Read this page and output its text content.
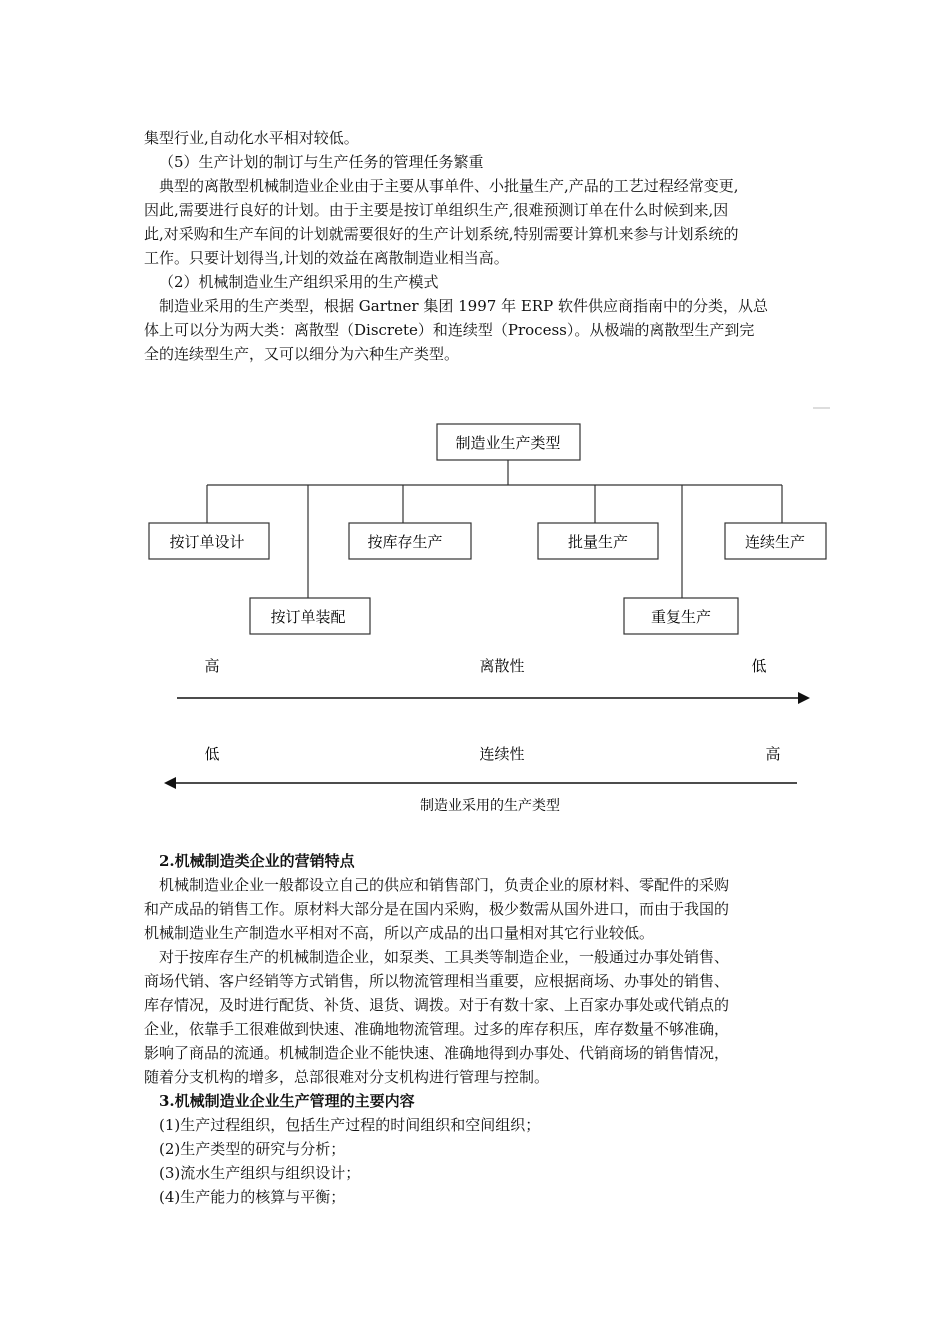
集型行业,自动化水平相对较低。
（5）生产计划的制订与生产任务的管理任务繁重
典型的离散型机械制造业企业由于主要从事单件、小批量生产,产品的工艺过程经常变更,
因此,需要进行良好的计划。由于主要是按订单组织生产,很难预测订单在什么时候到来,因
此,对采购和生产车间的计划就需要很好的生产计划系统,特别需要计算机来参与计划系统的
工作。只要计划得当,计划的效益在离散制造业相当高。
（2）机械制造业生产组织采用的生产模式
制造业采用的生产类型，根据 Gartner 集团 1997 年 ERP 软件供应商指南中的分类，从总
体上可以分为两大类：离散型（Discrete）和连续型（Process）。从极端的离散型生产到完
全的连续型生产，又可以细分为六种生产类型。
制造业生产类型
按订单设计
按订单装配
按库存生产	批量生产
重复生产
连续生产
高	离散性	低
低	连续性	高
制造业采用的生产类型
2.机械制造类企业的营销特点
机械制造业企业一般都设立自己的供应和销售部门，负责企业的原材料、零配件的采购
和产成品的销售工作。原材料大部分是在国内采购，极少数需从国外进口，而由于我国的
机械制造业生产制造水平相对不高，所以产成品的出口量相对其它行业较低。
对于按库存生产的机械制造企业，如泵类、工具类等制造企业，一般通过办事处销售、
商场代销、客户经销等方式销售，所以物流管理相当重要，应根据商场、办事处的销售、
库存情况，及时进行配货、补货、退货、调拨。对于有数十家、上百家办事处或代销点的
企业，依靠手工很难做到快速、准确地物流管理。过多的库存积压，库存数量不够准确，
影响了商品的流通。机械制造企业不能快速、准确地得到办事处、代销商场的销售情况，
随着分支机构的增多，总部很难对分支机构进行管理与控制。
3.机械制造业企业生产管理的主要内容
(1)生产过程组织，包括生产过程的时间组织和空间组织；
(2)生产类型的研究与分析；
(3)流水生产组织与组织设计；
(4)生产能力的核算与平衡；
